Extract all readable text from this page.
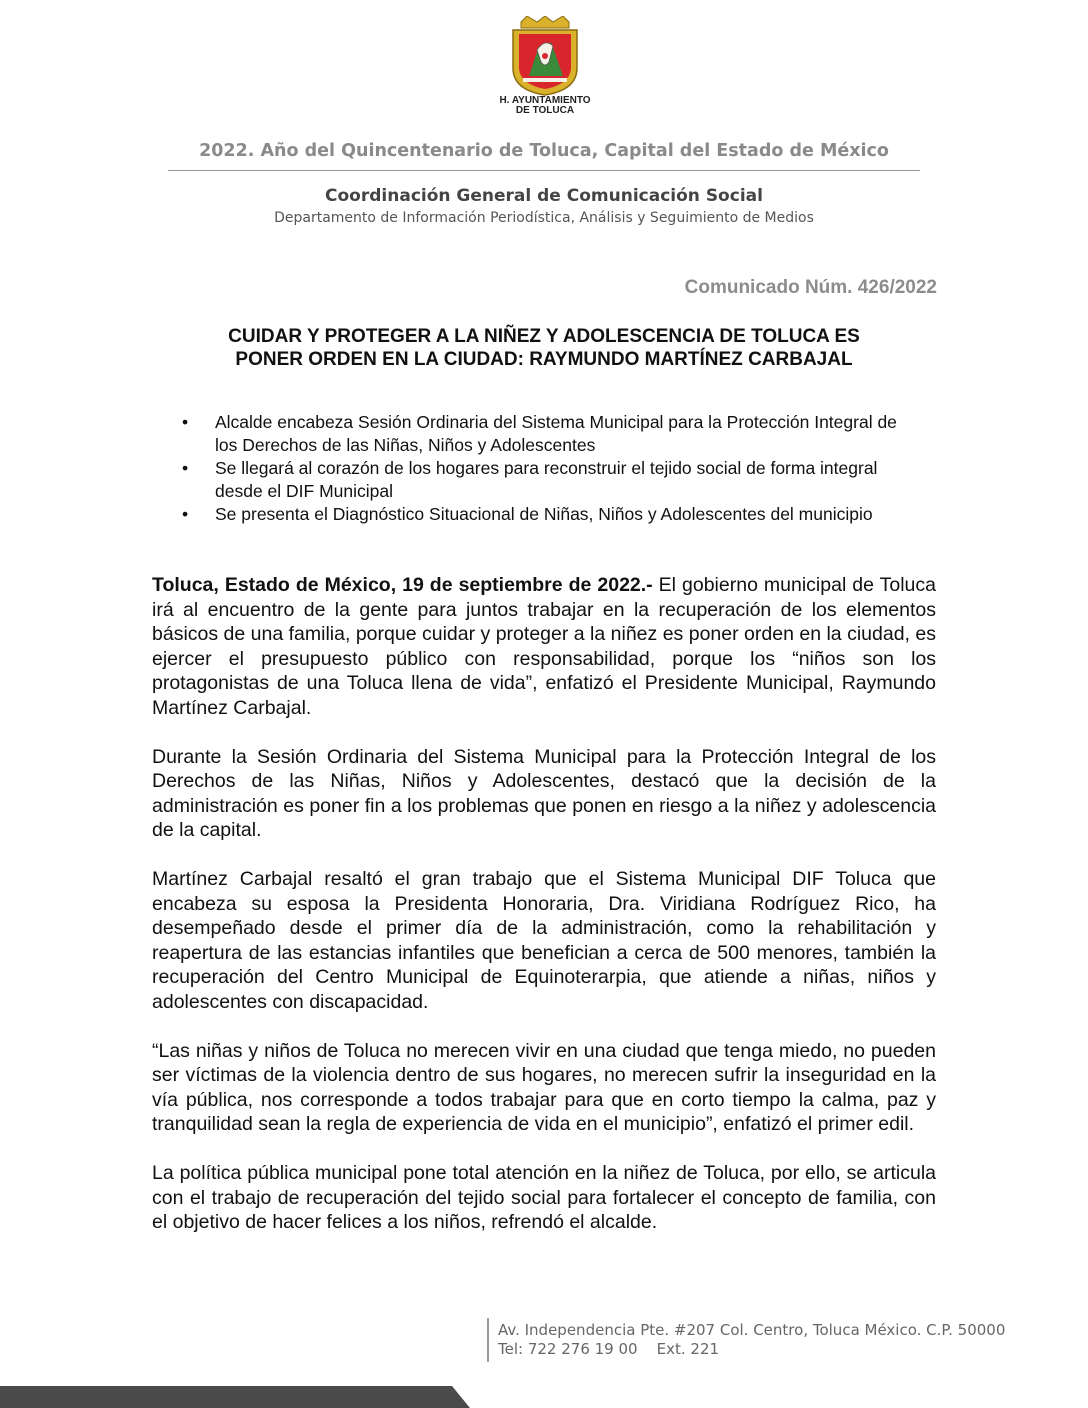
H. AYUNTAMIENTO
DE TOLUCA
2022. Año del Quincentenario de Toluca, Capital del Estado de México
Coordinación General de Comunicación Social
Departamento de Información Periodística, Análisis y Seguimiento de Medios
Comunicado Núm. 426/2022
CUIDAR Y PROTEGER A LA NIÑEZ Y ADOLESCENCIA DE TOLUCA ES
PONER ORDEN EN LA CIUDAD: RAYMUNDO MARTÍNEZ CARBAJAL
• Alcalde encabeza Sesión Ordinaria del Sistema Municipal para la Protección Integral de los Derechos de las Niñas, Niños y Adolescentes
• Se llegará al corazón de los hogares para reconstruir el tejido social de forma integral desde el DIF Municipal
• Se presenta el Diagnóstico Situacional de Niñas, Niños y Adolescentes del municipio

Toluca, Estado de México, 19 de septiembre de 2022.- El gobierno municipal de Toluca irá al encuentro de la gente para juntos trabajar en la recuperación de los elementos básicos de una familia, porque cuidar y proteger a la niñez es poner orden en la ciudad, es ejercer el presupuesto público con responsabilidad, porque los “niños son los protagonistas de una Toluca llena de vida”, enfatizó el Presidente Municipal, Raymundo Martínez Carbajal.

Durante la Sesión Ordinaria del Sistema Municipal para la Protección Integral de los Derechos de las Niñas, Niños y Adolescentes, destacó que la decisión de la administración es poner fin a los problemas que ponen en riesgo a la niñez y adolescencia de la capital.

Martínez Carbajal resaltó el gran trabajo que el Sistema Municipal DIF Toluca que encabeza su esposa la Presidenta Honoraria, Dra. Viridiana Rodríguez Rico, ha desempeñado desde el primer día de la administración, como la rehabilitación y reapertura de las estancias infantiles que benefician a cerca de 500 menores, también la recuperación del Centro Municipal de Equinoterarpia, que atiende a niñas, niños y adolescentes con discapacidad.

“Las niñas y niños de Toluca no merecen vivir en una ciudad que tenga miedo, no pueden ser víctimas de la violencia dentro de sus hogares, no merecen sufrir la inseguridad en la vía pública, nos corresponde a todos trabajar para que en corto tiempo la calma, paz y tranquilidad sean la regla de experiencia de vida en el municipio”, enfatizó el primer edil.

La política pública municipal pone total atención en la niñez de Toluca, por ello, se articula con el trabajo de recuperación del tejido social para fortalecer el concepto de familia, con el objetivo de hacer felices a los niños, refrendó el alcalde.

Av. Independencia Pte. #207 Col. Centro, Toluca México. C.P. 50000
Tel: 722 276 19 00    Ext. 221
